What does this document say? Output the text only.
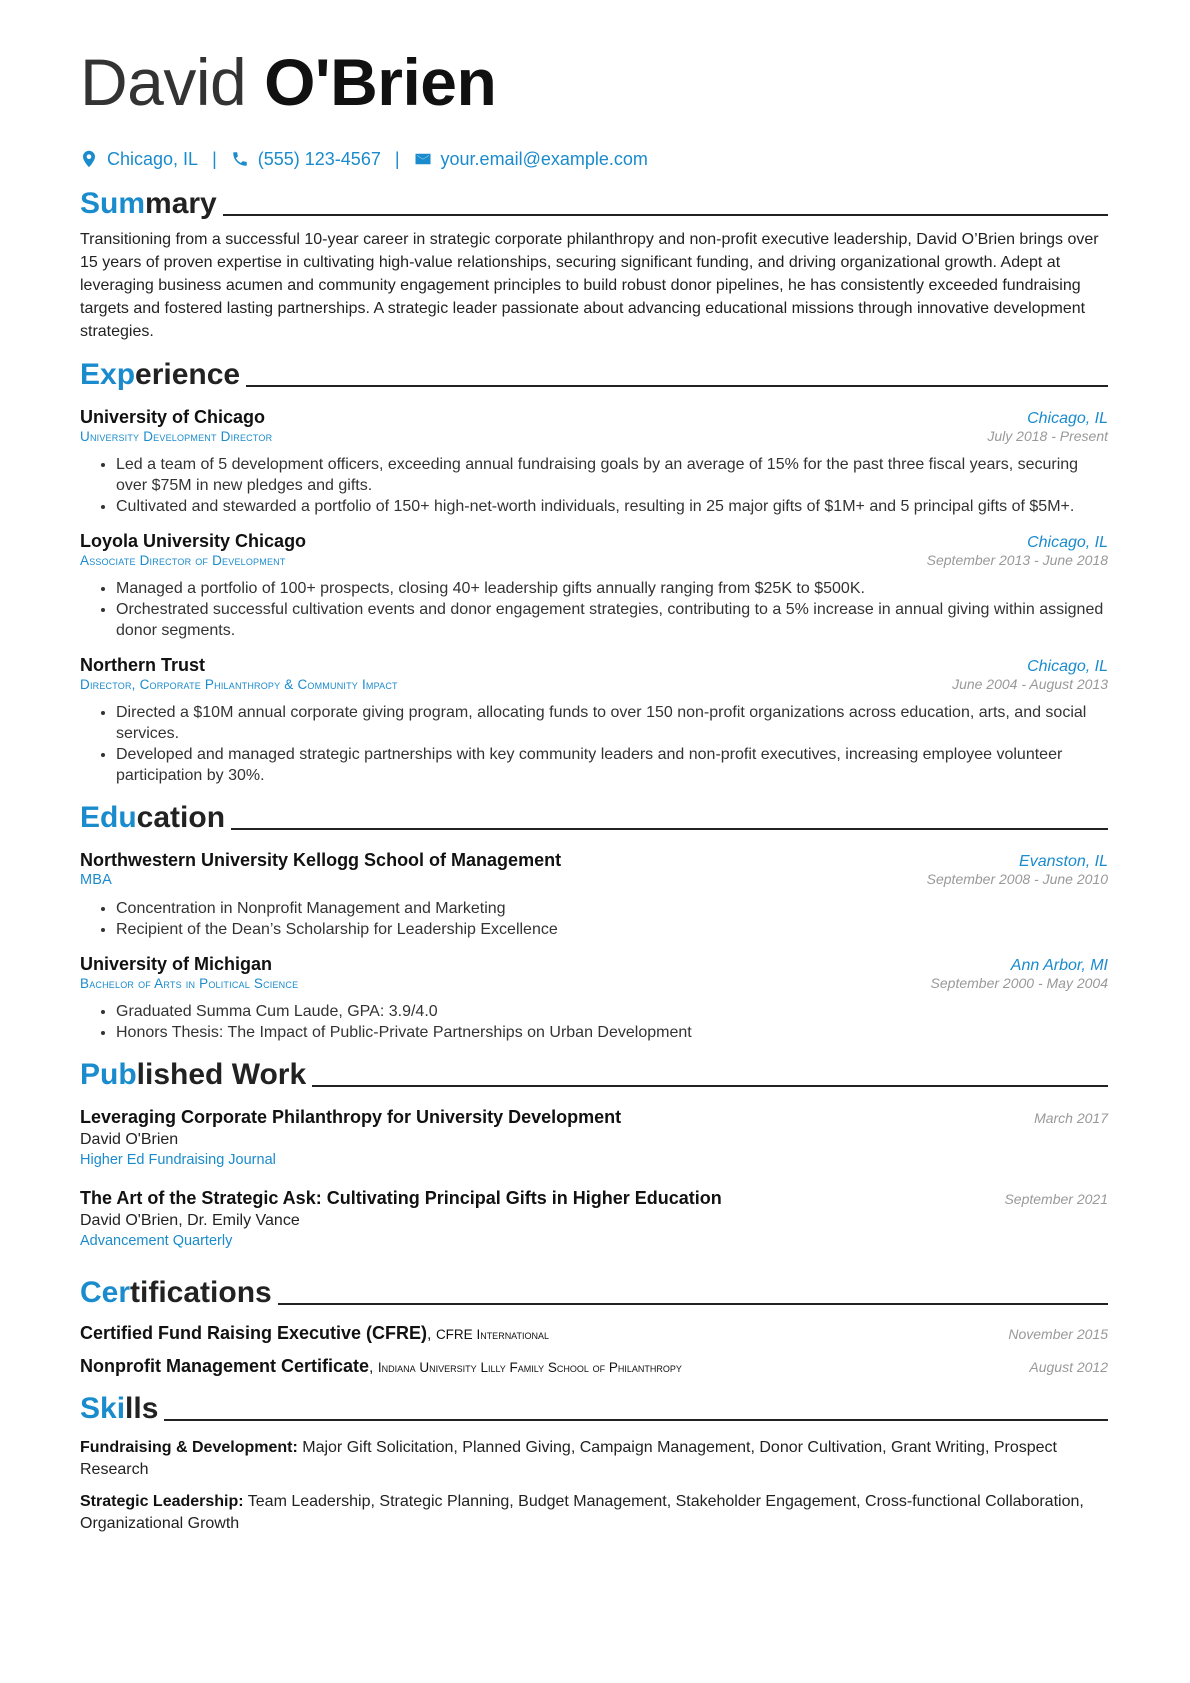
David O'Brien
Chicago, IL | (555) 123-4567 | your.email@example.com
Summary
Transitioning from a successful 10-year career in strategic corporate philanthropy and non-profit executive leadership, David O’Brien brings over 15 years of proven expertise in cultivating high-value relationships, securing significant funding, and driving organizational growth. Adept at leveraging business acumen and community engagement principles to build robust donor pipelines, he has consistently exceeded fundraising targets and fostered lasting partnerships. A strategic leader passionate about advancing educational missions through innovative development strategies.
Experience
University of Chicago	Chicago, IL
University Development Director	July 2018 - Present
• Led a team of 5 development officers, exceeding annual fundraising goals by an average of 15% for the past three fiscal years, securing over $75M in new pledges and gifts.
• Cultivated and stewarded a portfolio of 150+ high-net-worth individuals, resulting in 25 major gifts of $1M+ and 5 principal gifts of $5M+.
Loyola University Chicago	Chicago, IL
Associate Director of Development	September 2013 - June 2018
• Managed a portfolio of 100+ prospects, closing 40+ leadership gifts annually ranging from $25K to $500K.
• Orchestrated successful cultivation events and donor engagement strategies, contributing to a 5% increase in annual giving within assigned donor segments.
Northern Trust	Chicago, IL
Director, Corporate Philanthropy & Community Impact	June 2004 - August 2013
• Directed a $10M annual corporate giving program, allocating funds to over 150 non-profit organizations across education, arts, and social services.
• Developed and managed strategic partnerships with key community leaders and non-profit executives, increasing employee volunteer participation by 30%.
Education
Northwestern University Kellogg School of Management	Evanston, IL
MBA	September 2008 - June 2010
• Concentration in Nonprofit Management and Marketing
• Recipient of the Dean’s Scholarship for Leadership Excellence
University of Michigan	Ann Arbor, MI
Bachelor of Arts in Political Science	September 2000 - May 2004
• Graduated Summa Cum Laude, GPA: 3.9/4.0
• Honors Thesis: The Impact of Public-Private Partnerships on Urban Development
Published Work
Leveraging Corporate Philanthropy for University Development	March 2017
David O'Brien
Higher Ed Fundraising Journal
The Art of the Strategic Ask: Cultivating Principal Gifts in Higher Education	September 2021
David O'Brien, Dr. Emily Vance
Advancement Quarterly
Certifications
Certified Fund Raising Executive (CFRE), CFRE International	November 2015
Nonprofit Management Certificate, Indiana University Lilly Family School of Philanthropy	August 2012
Skills
Fundraising & Development: Major Gift Solicitation, Planned Giving, Campaign Management, Donor Cultivation, Grant Writing, Prospect Research
Strategic Leadership: Team Leadership, Strategic Planning, Budget Management, Stakeholder Engagement, Cross-functional Collaboration, Organizational Growth
